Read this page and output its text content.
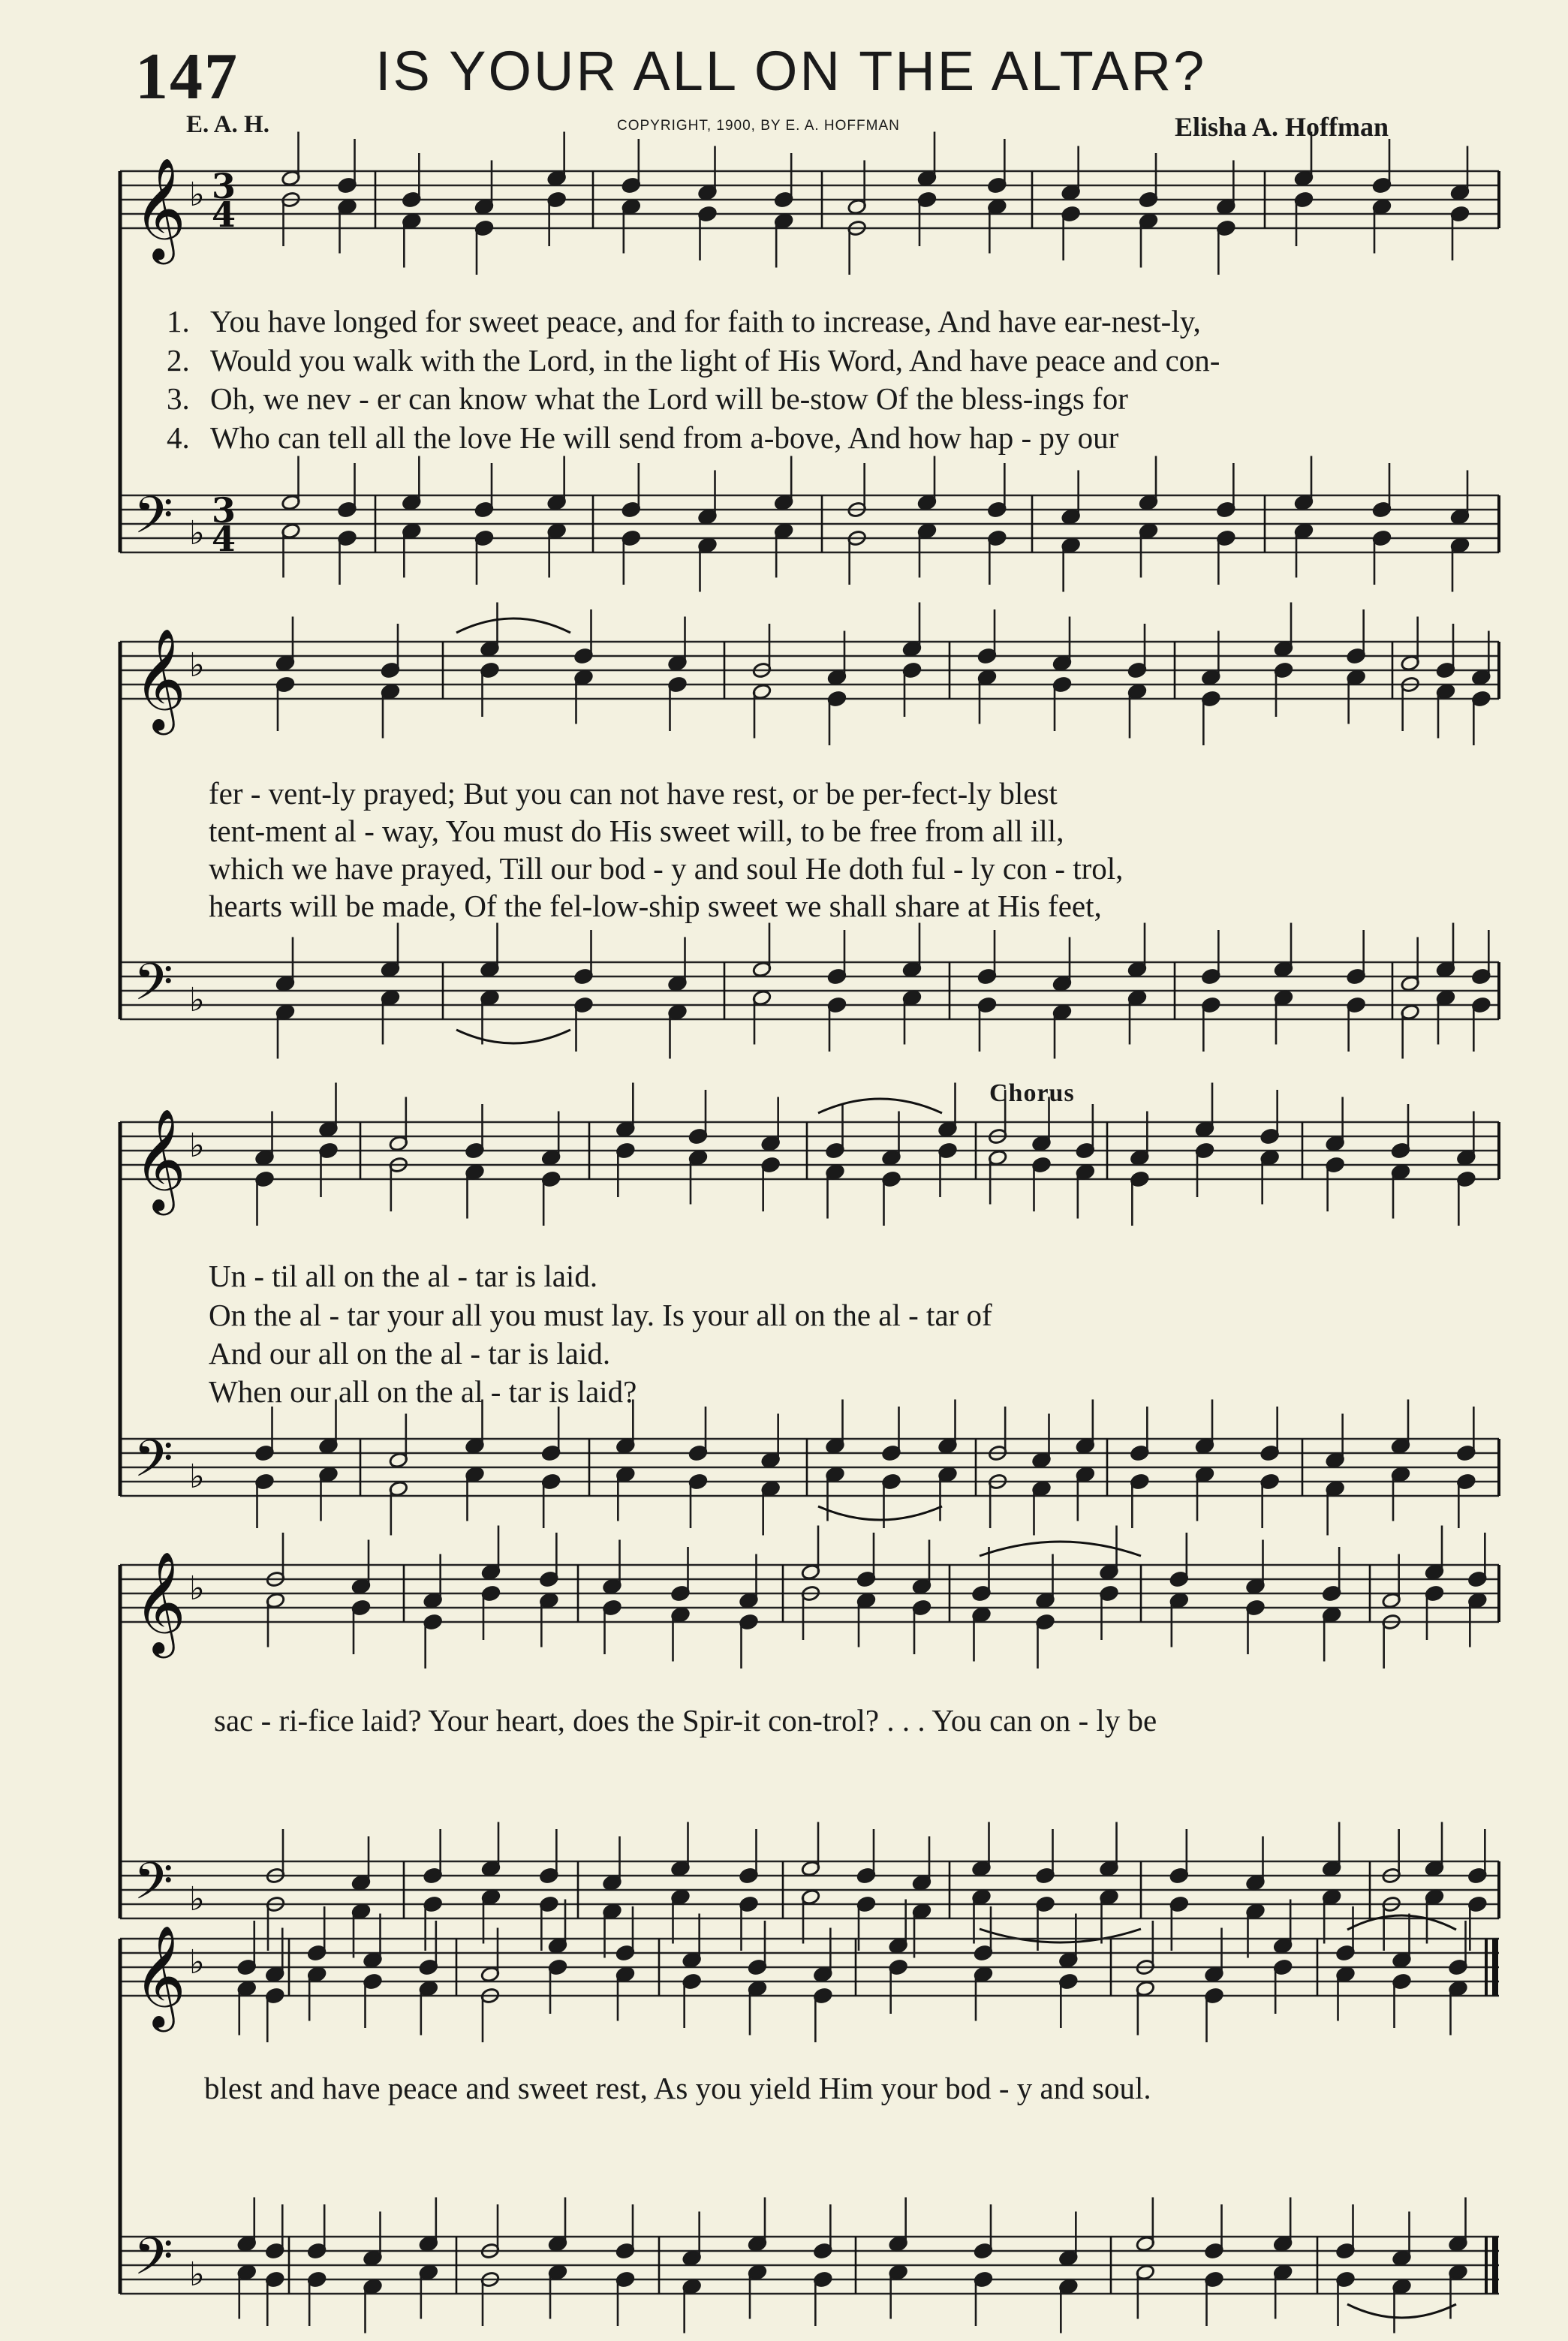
147 IS YOUR ALL ON THE ALTAR?
E. A. H.	COPYRIGHT, 1900, BY E. A. HOFFMAN	Elisha A. Hoffman
𝄞
𝄢
♭
♭
3
4
3
4
𝄞
𝄢
♭
♭
𝄞
𝄢
♭
♭
𝄞
𝄢
♭
♭
𝄞
𝄢
♭
♭
Chorus
1. You have longed for sweet peace, and for faith to increase, And have ear-nest-ly,
2. Would you walk with the Lord, in the light of His Word, And have peace and con-
3. Oh, we nev - er can know what the Lord will be-stow Of the bless-ings for
4. Who can tell all the love He will send from a-bove, And how hap - py our
fer - vent-ly prayed; But you can not have rest, or be per-fect-ly blest
tent-ment al - way, You must do His sweet will, to be free from all ill,
which we have prayed, Till our bod - y and soul He doth ful - ly con - trol,
hearts will be made, Of the fel-low-ship sweet we shall share at His feet,
Un - til all on the al - tar is laid.
On the al - tar your all you must lay. Is your all on the al - tar of
And our all on the al - tar is laid.
When our all on the al - tar is laid?
sac - ri-fice laid? Your heart, does the Spir-it con-trol? . . . You can on - ly be
blest and have peace and sweet rest, As you yield Him your bod - y and soul.
